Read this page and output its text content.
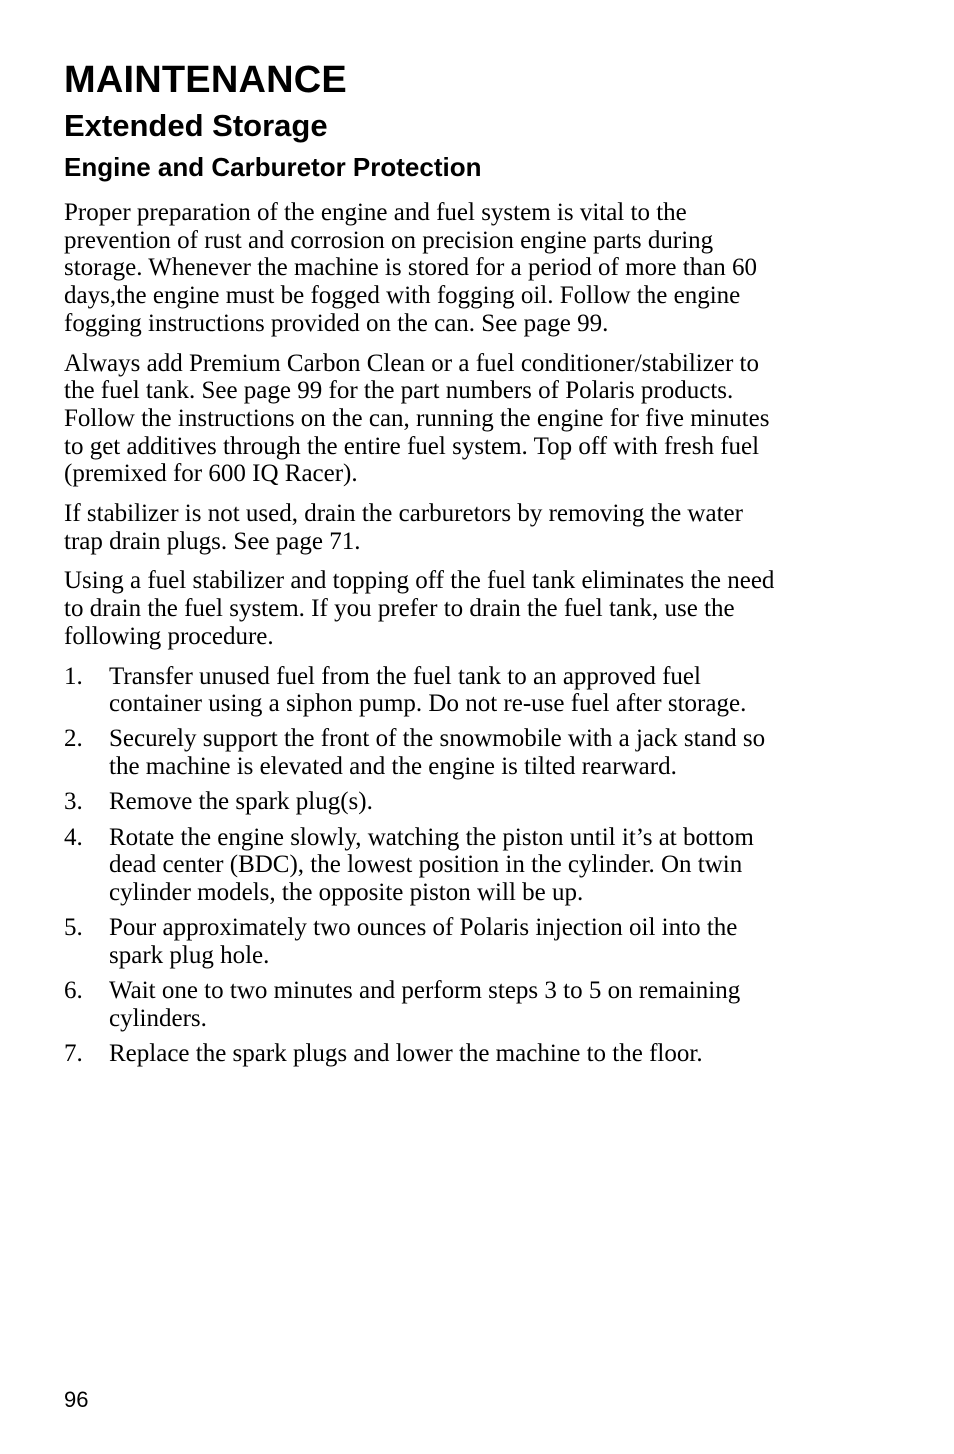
MAINTENANCE
Extended Storage
Engine and Carburetor Protection

Proper preparation of the engine and fuel system is vital to the
prevention of rust and corrosion on precision engine parts during
storage. Whenever the machine is stored for a period of more than 60
days,the engine must be fogged with fogging oil. Follow the engine
fogging instructions provided on the can. See page 99.

Always add Premium Carbon Clean or a fuel conditioner/stabilizer to
the fuel tank. See page 99 for the part numbers of Polaris products.
Follow the instructions on the can, running the engine for five minutes
to get additives through the entire fuel system. Top off with fresh fuel
(premixed for 600 IQ Racer).

If stabilizer is not used, drain the carburetors by removing the water
trap drain plugs. See page 71.

Using a fuel stabilizer and topping off the fuel tank eliminates the need
to drain the fuel system. If you prefer to drain the fuel tank, use the
following procedure.

1.	Transfer unused fuel from the fuel tank to an approved fuel
container using a siphon pump. Do not re-use fuel after storage.
2.	Securely support the front of the snowmobile with a jack stand so
the machine is elevated and the engine is tilted rearward.
3.	Remove the spark plug(s).
4.	Rotate the engine slowly, watching the piston until it’s at bottom
dead center (BDC), the lowest position in the cylinder. On twin
cylinder models, the opposite piston will be up.
5.	Pour approximately two ounces of Polaris injection oil into the
spark plug hole.
6.	Wait one to two minutes and perform steps 3 to 5 on remaining
cylinders.
7.	Replace the spark plugs and lower the machine to the floor.
96
